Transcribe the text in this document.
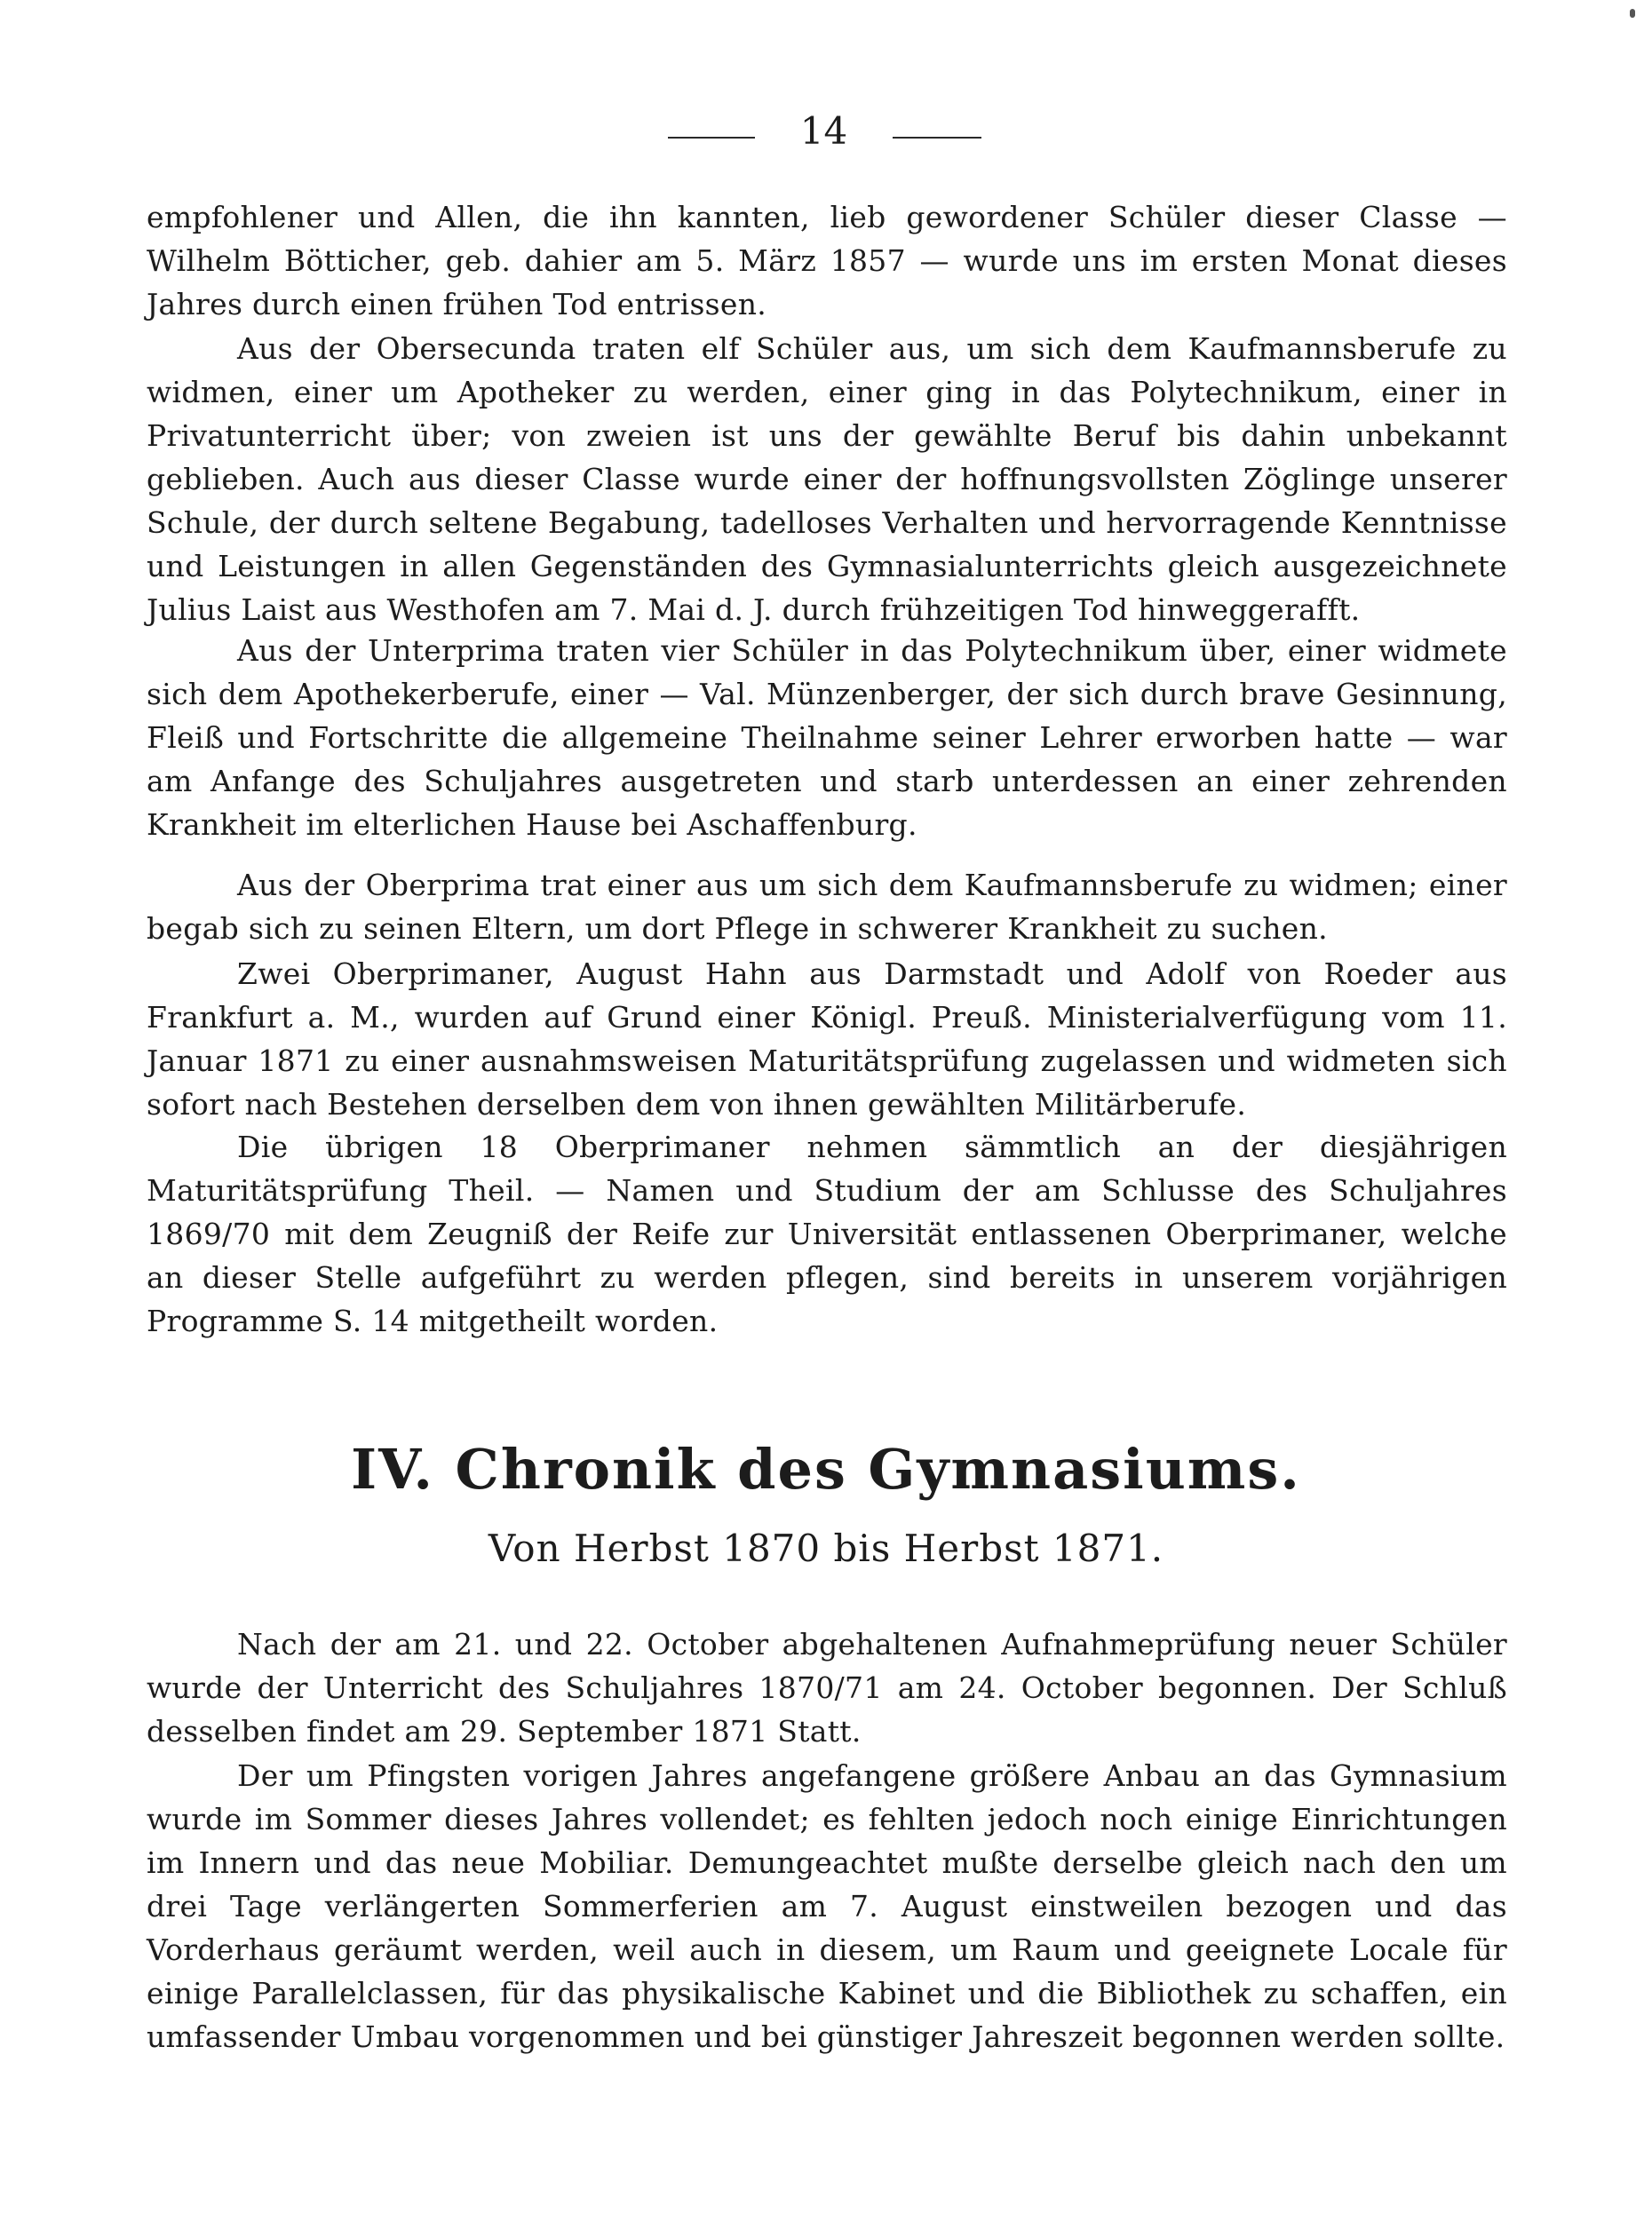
14

empfohlener und Allen, die ihn kannten, lieb gewordener Schüler dieser Classe — Wilhelm Bötticher, geb. dahier am 5. März 1857 — wurde uns im ersten Monat dieses Jahres durch einen frühen Tod entrissen.

Aus der Obersecunda traten elf Schüler aus, um sich dem Kaufmannsberufe zu widmen, einer um Apotheker zu werden, einer ging in das Polytechnikum, einer in Privatunterricht über; von zweien ist uns der gewählte Beruf bis dahin unbekannt geblieben. Auch aus dieser Classe wurde einer der hoffnungsvollsten Zöglinge unserer Schule, der durch seltene Begabung, tadelloses Verhalten und hervorragende Kenntnisse und Leistungen in allen Gegenständen des Gymnasialunterrichts gleich ausgezeichnete Julius Laist aus Westhofen am 7. Mai d. J. durch frühzeitigen Tod hinweggerafft.

Aus der Unterprima traten vier Schüler in das Polytechnikum über, einer widmete sich dem Apothekerberufe, einer — Val. Münzenberger, der sich durch brave Gesinnung, Fleiß und Fortschritte die allgemeine Theilnahme seiner Lehrer erworben hatte — war am Anfange des Schuljahres ausgetreten und starb unterdessen an einer zehrenden Krankheit im elterlichen Hause bei Aschaffenburg.

Aus der Oberprima trat einer aus um sich dem Kaufmannsberufe zu widmen; einer begab sich zu seinen Eltern, um dort Pflege in schwerer Krankheit zu suchen.

Zwei Oberprimaner, August Hahn aus Darmstadt und Adolf von Roeder aus Frankfurt a. M., wurden auf Grund einer Königl. Preuß. Ministerialverfügung vom 11. Januar 1871 zu einer ausnahmsweisen Maturitätsprüfung zugelassen und widmeten sich sofort nach Bestehen derselben dem von ihnen gewählten Militärberufe.

Die übrigen 18 Oberprimaner nehmen sämmtlich an der diesjährigen Maturitätsprüfung Theil. — Namen und Studium der am Schlusse des Schuljahres 1869/70 mit dem Zeugniß der Reife zur Universität entlassenen Oberprimaner, welche an dieser Stelle aufgeführt zu werden pflegen, sind bereits in unserem vorjährigen Programme S. 14 mitgetheilt worden.

IV. Chronik des Gymnasiums.
Von Herbst 1870 bis Herbst 1871.

Nach der am 21. und 22. October abgehaltenen Aufnahmeprüfung neuer Schüler wurde der Unterricht des Schuljahres 1870/71 am 24. October begonnen. Der Schluß desselben findet am 29. September 1871 Statt.

Der um Pfingsten vorigen Jahres angefangene größere Anbau an das Gymnasium wurde im Sommer dieses Jahres vollendet; es fehlten jedoch noch einige Einrichtungen im Innern und das neue Mobiliar. Demungeachtet mußte derselbe gleich nach den um drei Tage verlängerten Sommerferien am 7. August einstweilen bezogen und das Vorderhaus geräumt werden, weil auch in diesem, um Raum und geeignete Locale für einige Parallelclassen, für das physikalische Kabinet und die Bibliothek zu schaffen, ein umfassender Umbau vorgenommen und bei günstiger Jahreszeit begonnen werden sollte.
